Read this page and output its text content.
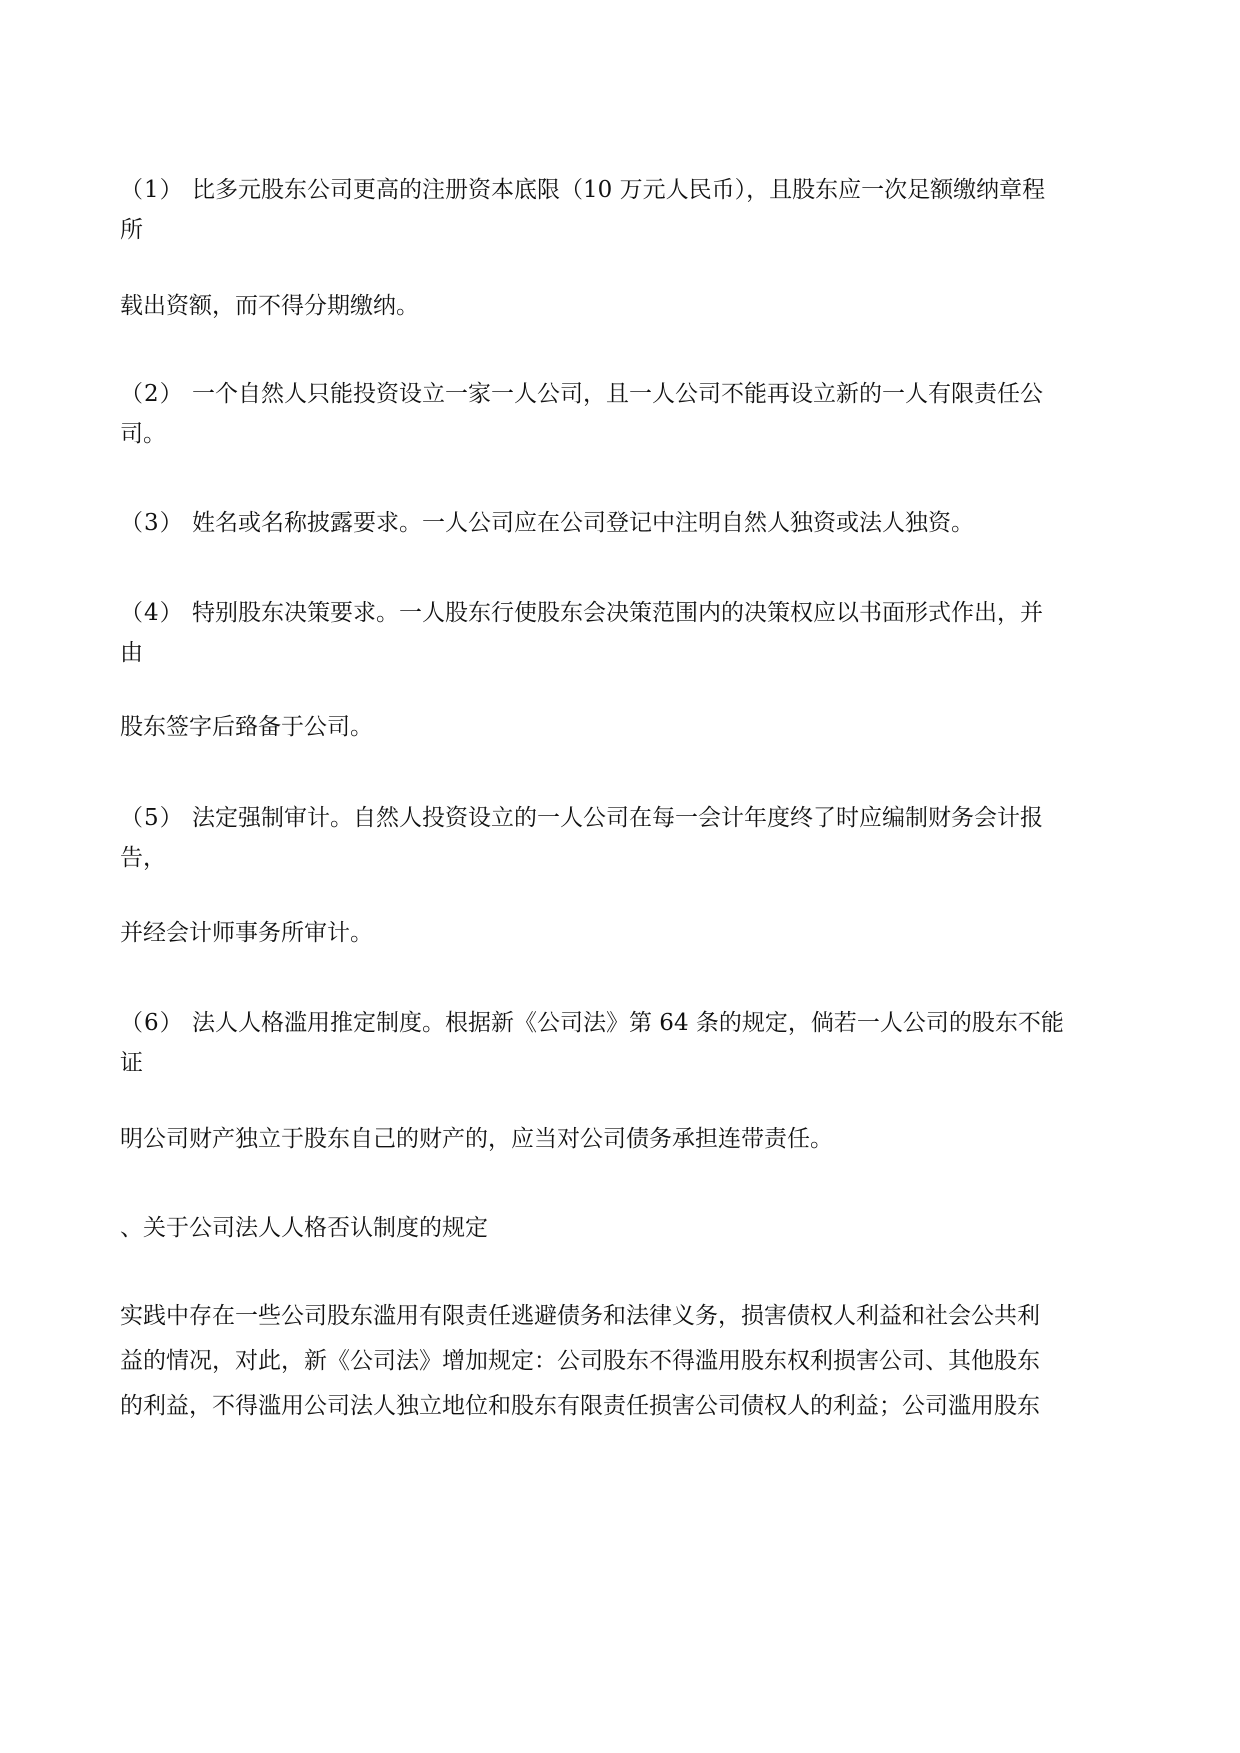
（1） 比多元股东公司更高的注册资本底限（10 万元人民币），且股东应一次足额缴纳章程
所
载出资额，而不得分期缴纳。
（2） 一个自然人只能投资设立一家一人公司，且一人公司不能再设立新的一人有限责任公
司。
（3） 姓名或名称披露要求。一人公司应在公司登记中注明自然人独资或法人独资。
（4） 特别股东决策要求。一人股东行使股东会决策范围内的决策权应以书面形式作出，并
由
股东签字后臵备于公司。
（5） 法定强制审计。自然人投资设立的一人公司在每一会计年度终了时应编制财务会计报
告，
并经会计师事务所审计。
（6） 法人人格滥用推定制度。根据新《公司法》第 64 条的规定，倘若一人公司的股东不能
证
明公司财产独立于股东自己的财产的，应当对公司债务承担连带责任。
、关于公司法人人格否认制度的规定
实践中存在一些公司股东滥用有限责任逃避债务和法律义务，损害债权人利益和社会公共利
益的情况，对此，新《公司法》增加规定：公司股东不得滥用股东权利损害公司、其他股东
的利益，不得滥用公司法人独立地位和股东有限责任损害公司债权人的利益；公司滥用股东
